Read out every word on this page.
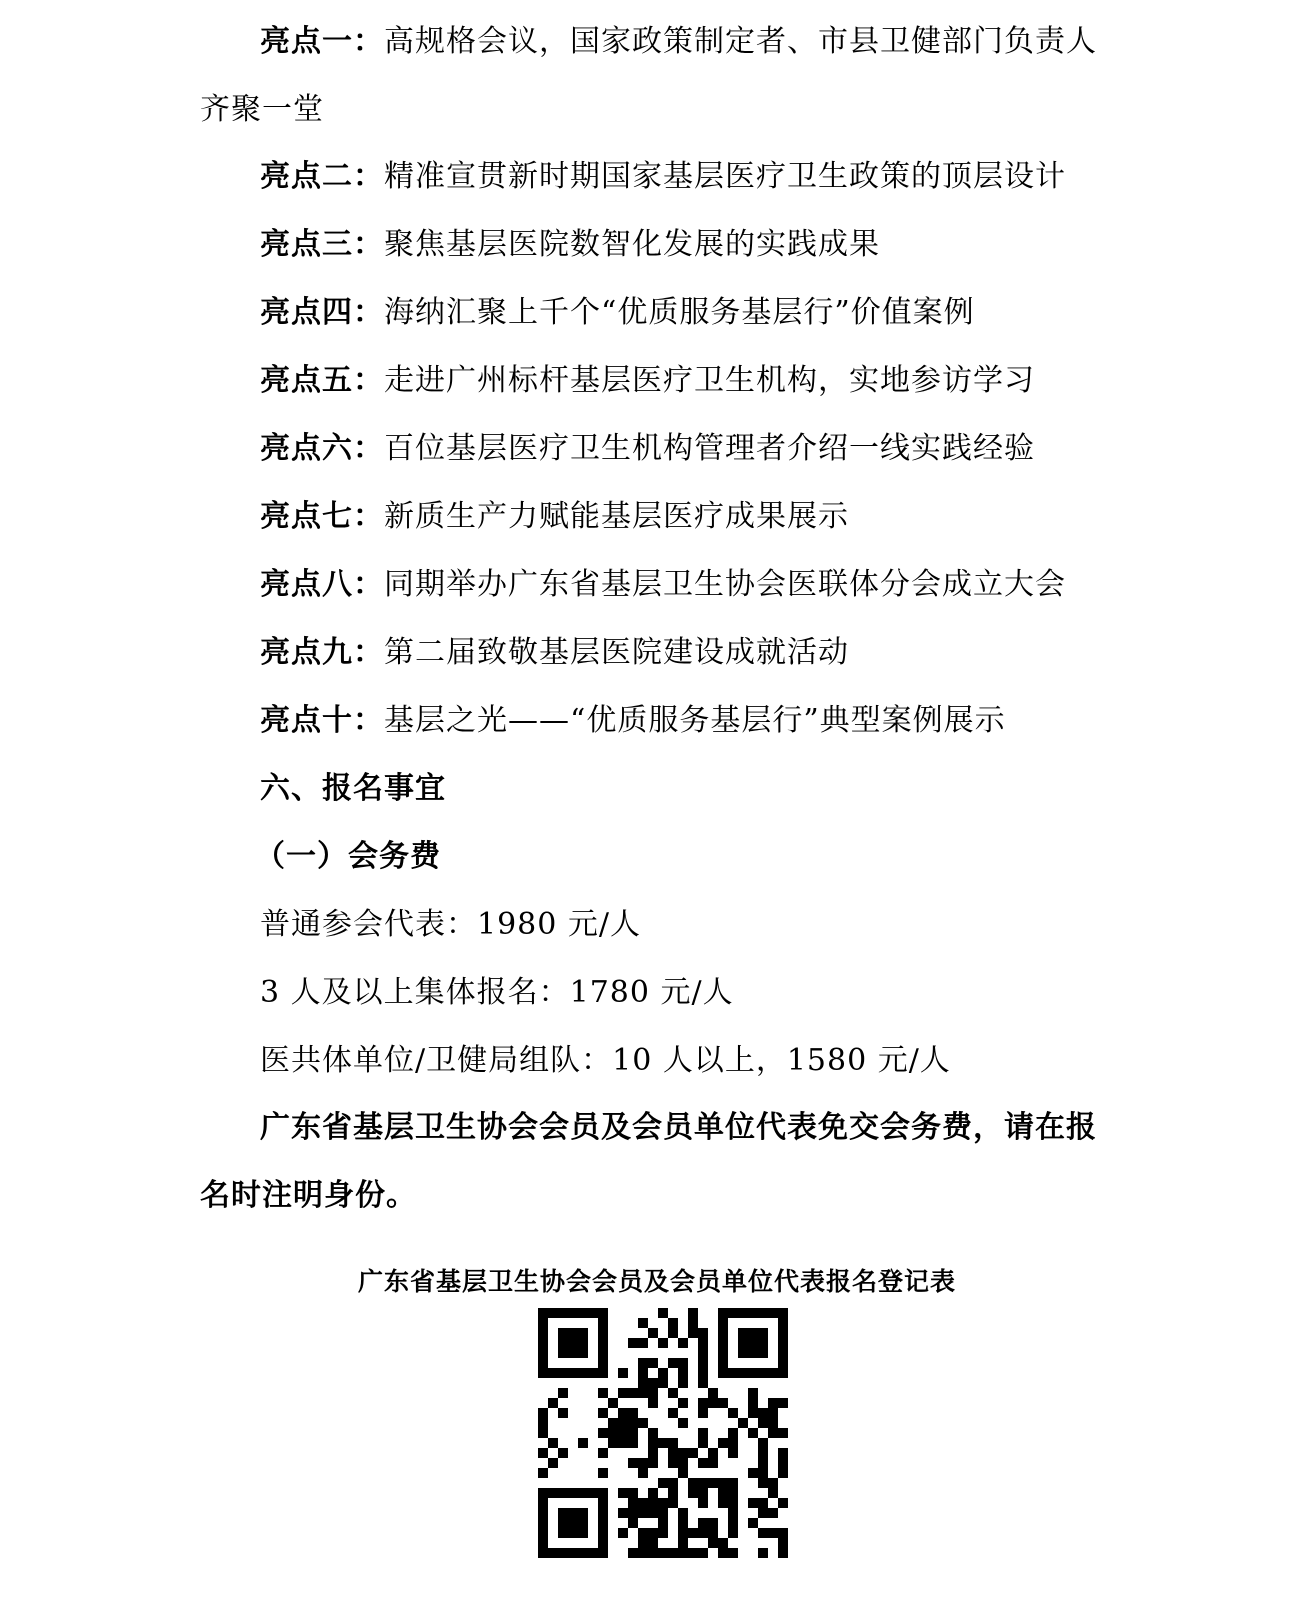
亮点一：高规格会议，国家政策制定者、市县卫健部门负责人齐聚一堂

亮点二：精准宣贯新时期国家基层医疗卫生政策的顶层设计

亮点三：聚焦基层医院数智化发展的实践成果

亮点四：海纳汇聚上千个“优质服务基层行”价值案例

亮点五：走进广州标杆基层医疗卫生机构，实地参访学习

亮点六：百位基层医疗卫生机构管理者介绍一线实践经验

亮点七：新质生产力赋能基层医疗成果展示

亮点八：同期举办广东省基层卫生协会医联体分会成立大会

亮点九：第二届致敬基层医院建设成就活动

亮点十：基层之光——“优质服务基层行”典型案例展示

六、报名事宜

（一）会务费

普通参会代表：1980 元/人

3 人及以上集体报名：1780 元/人

医共体单位/卫健局组队：10 人以上，1580 元/人

广东省基层卫生协会会员及会员单位代表免交会务费，请在报名时注明身份。

广东省基层卫生协会会员及会员单位代表报名登记表
